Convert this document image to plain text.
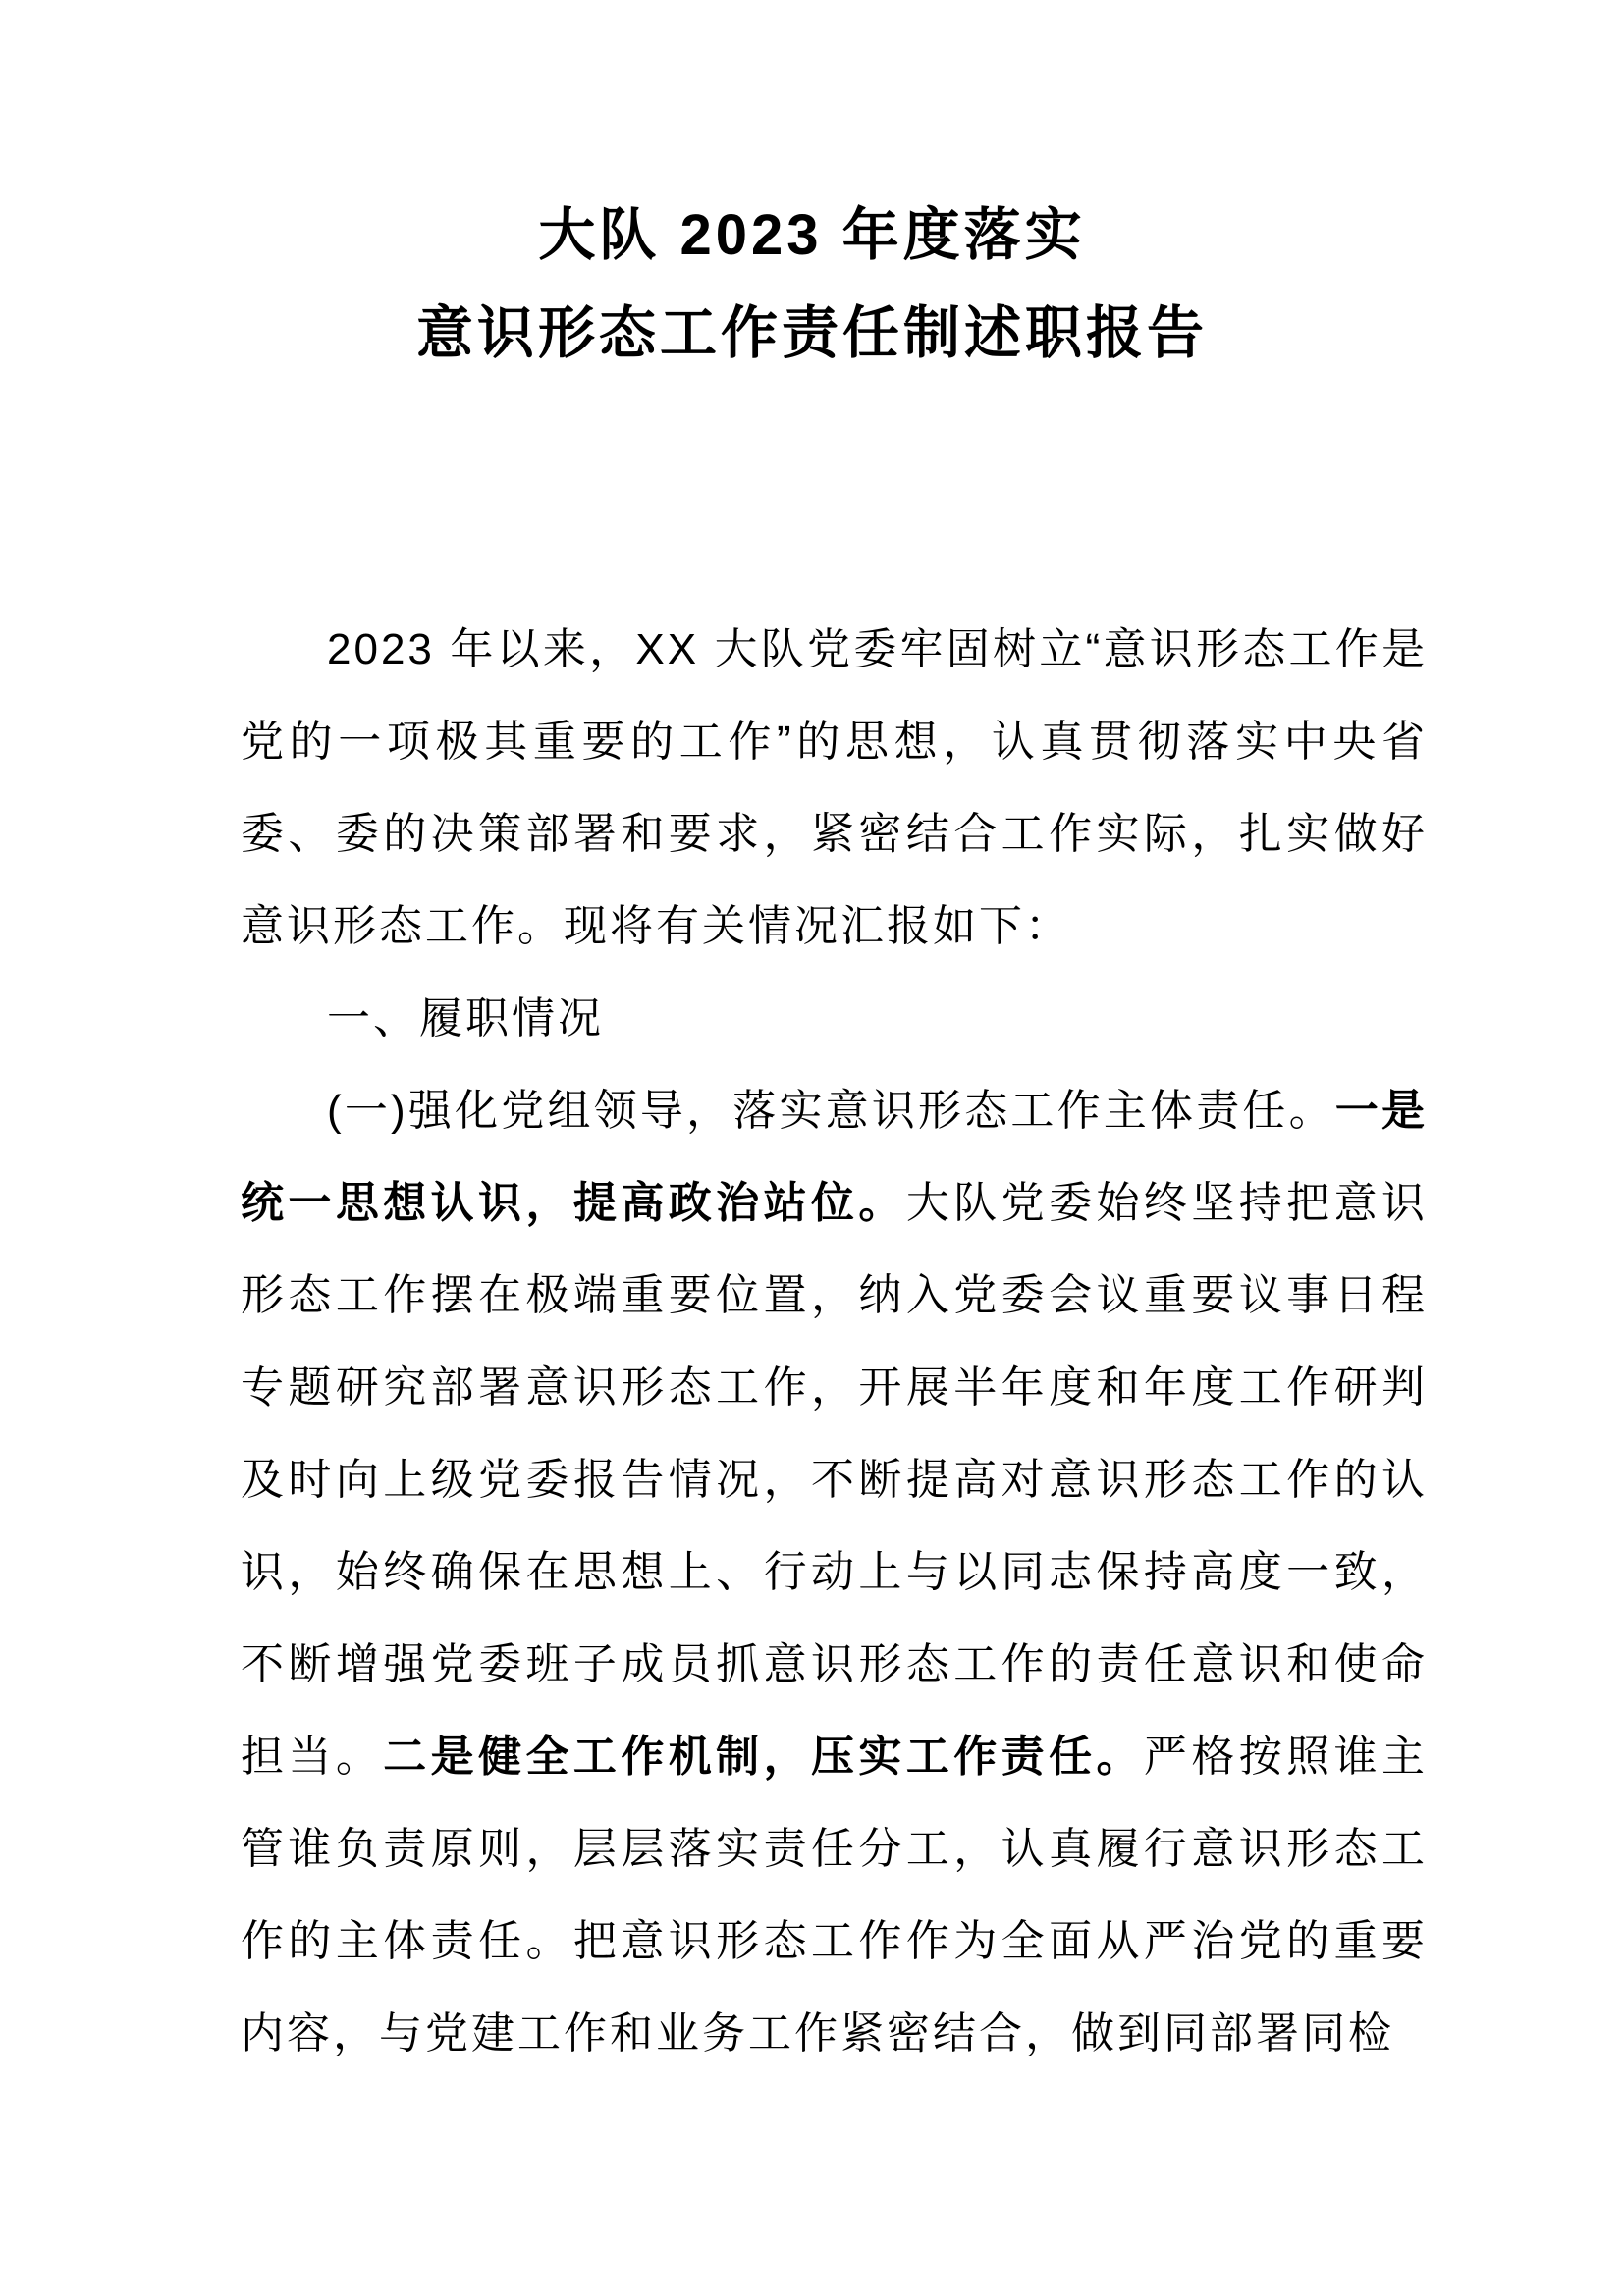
大队 2023 年度落实
意识形态工作责任制述职报告

2023 年以来，XX 大队党委牢固树立“意识形态工作是党的一项极其重要的工作”的思想，认真贯彻落实中央省委、委的决策部署和要求，紧密结合工作实际，扎实做好意识形态工作。现将有关情况汇报如下：

一、履职情况

(一)强化党组领导，落实意识形态工作主体责任。一是统一思想认识，提高政治站位。大队党委始终坚持把意识形态工作摆在极端重要位置，纳入党委会议重要议事日程专题研究部署意识形态工作，开展半年度和年度工作研判及时向上级党委报告情况，不断提高对意识形态工作的认识，始终确保在思想上、行动上与以同志保持高度一致，不断增强党委班子成员抓意识形态工作的责任意识和使命担当。二是健全工作机制，压实工作责任。严格按照谁主管谁负责原则，层层落实责任分工，认真履行意识形态工作的主体责任。把意识形态工作作为全面从严治党的重要内容，与党建工作和业务工作紧密结合，做到同部署同检
